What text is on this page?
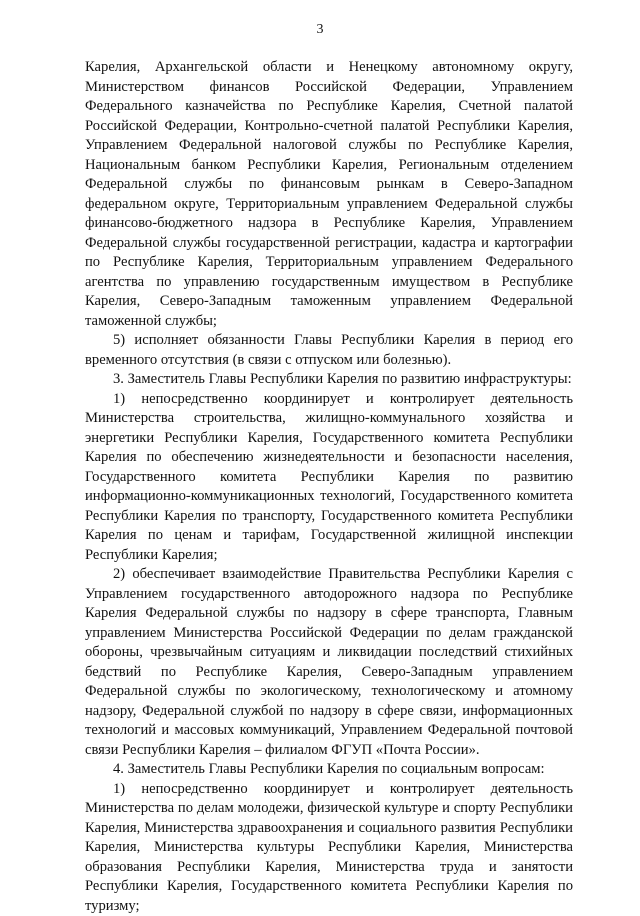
3

Карелия, Архангельской области и Ненецкому автономному округу, Министерством финансов Российской Федерации, Управлением Федерального казначейства по Республике Карелия, Счетной палатой Российской Федерации, Контрольно-счетной палатой Республики Карелия, Управлением Федеральной налоговой службы по Республике Карелия, Национальным банком Республики Карелия, Региональным отделением Федеральной службы по финансовым рынкам в Северо-Западном федеральном округе, Территориальным управлением Федеральной службы финансово-бюджетного надзора в Республике Карелия, Управлением Федеральной службы государственной регистрации, кадастра и картографии по Республике Карелия, Территориальным управлением Федерального агентства по управлению государственным имуществом в Республике Карелия, Северо-Западным таможенным управлением Федеральной таможенной службы;

5) исполняет обязанности Главы Республики Карелия в период его временного отсутствия (в связи с отпуском или болезнью).

3. Заместитель Главы Республики Карелия по развитию инфраструктуры:

1) непосредственно координирует и контролирует деятельность Министерства строительства, жилищно-коммунального хозяйства и энергетики Республики Карелия, Государственного комитета Республики Карелия по обеспечению жизнедеятельности и безопасности населения, Государственного комитета Республики Карелия по развитию информационно-коммуникационных технологий, Государственного комитета Республики Карелия по транспорту, Государственного комитета Республики Карелия по ценам и тарифам, Государственной жилищной инспекции Республики Карелия;

2) обеспечивает взаимодействие Правительства Республики Карелия с Управлением государственного автодорожного надзора по Республике Карелия Федеральной службы по надзору в сфере транспорта, Главным управлением Министерства Российской Федерации по делам гражданской обороны, чрезвычайным ситуациям и ликвидации последствий стихийных бедствий по Республике Карелия, Северо-Западным управлением Федеральной службы по экологическому, технологическому и атомному надзору, Федеральной службой по надзору в сфере связи, информационных технологий и массовых коммуникаций, Управлением Федеральной почтовой связи Республики Карелия – филиалом ФГУП «Почта России».

4. Заместитель Главы Республики Карелия по социальным вопросам:

1) непосредственно координирует и контролирует деятельность Министерства по делам молодежи, физической культуре и спорту Республики Карелия, Министерства здравоохранения и социального развития Республики Карелия, Министерства культуры Республики Карелия, Министерства образования Республики Карелия, Министерства труда и занятости Республики Карелия, Государственного комитета Республики Карелия по туризму;
